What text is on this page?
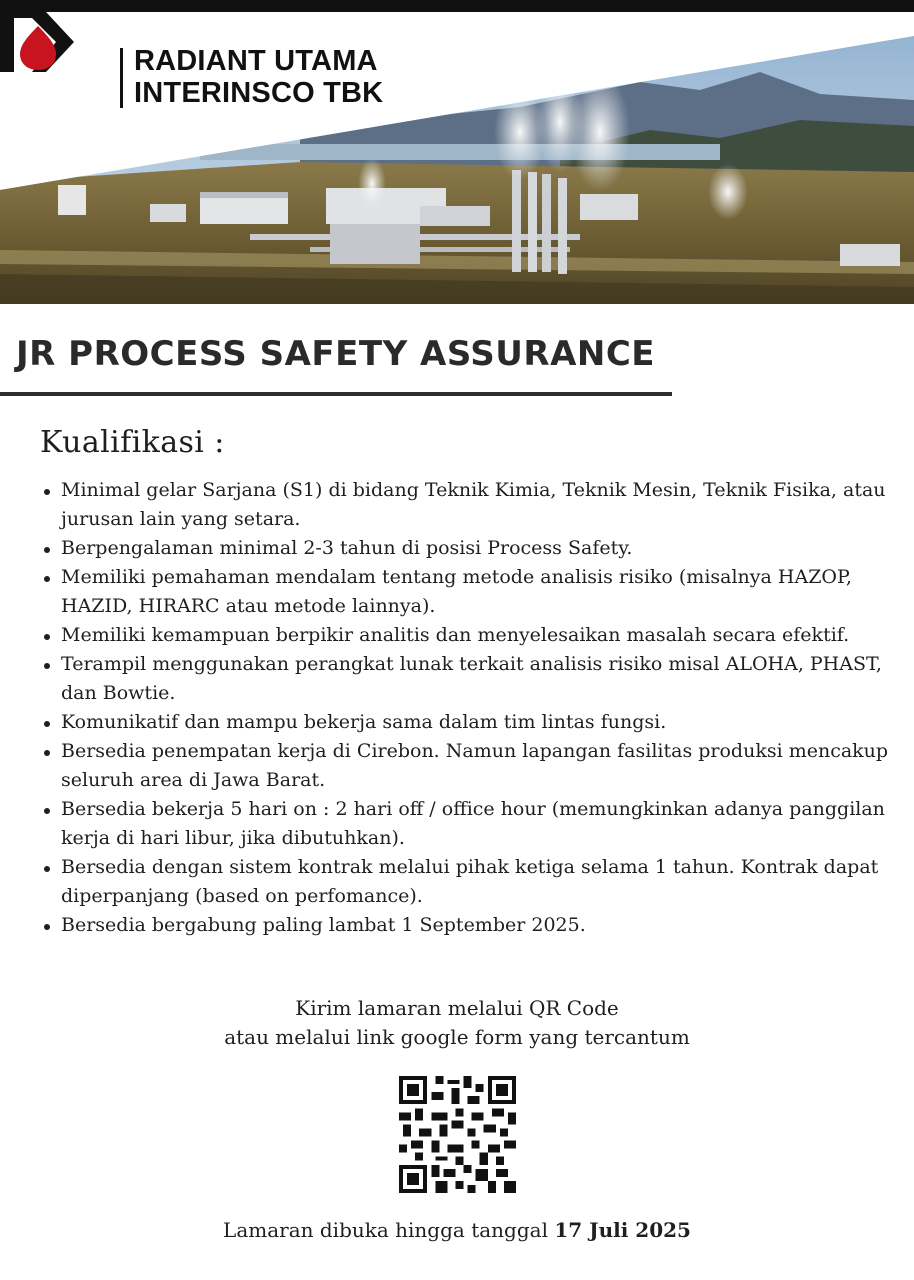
RADIANT UTAMA
INTERINSCO TBK
JR PROCESS SAFETY ASSURANCE
Kualifikasi :
Minimal gelar Sarjana (S1) di bidang Teknik Kimia, Teknik Mesin, Teknik Fisika, atau jurusan lain yang setara.
Berpengalaman minimal 2-3 tahun di posisi Process Safety.
Memiliki pemahaman mendalam tentang metode analisis risiko (misalnya HAZOP, HAZID, HIRARC atau metode lainnya).
Memiliki kemampuan berpikir analitis dan menyelesaikan masalah secara efektif.
Terampil menggunakan perangkat lunak terkait analisis risiko misal ALOHA, PHAST, dan Bowtie.
Komunikatif dan mampu bekerja sama dalam tim lintas fungsi.
Bersedia penempatan kerja di Cirebon. Namun lapangan fasilitas produksi mencakup seluruh area di Jawa Barat.
Bersedia bekerja 5 hari on : 2 hari off / office hour (memungkinkan adanya panggilan kerja di hari libur, jika dibutuhkan).
Bersedia dengan sistem kontrak melalui pihak ketiga selama 1 tahun. Kontrak dapat diperpanjang (based on perfomance).
Bersedia bergabung paling lambat 1 September 2025.
Kirim lamaran melalui QR Code
atau melalui link google form yang tercantum
Lamaran dibuka hingga tanggal 17 Juli 2025
